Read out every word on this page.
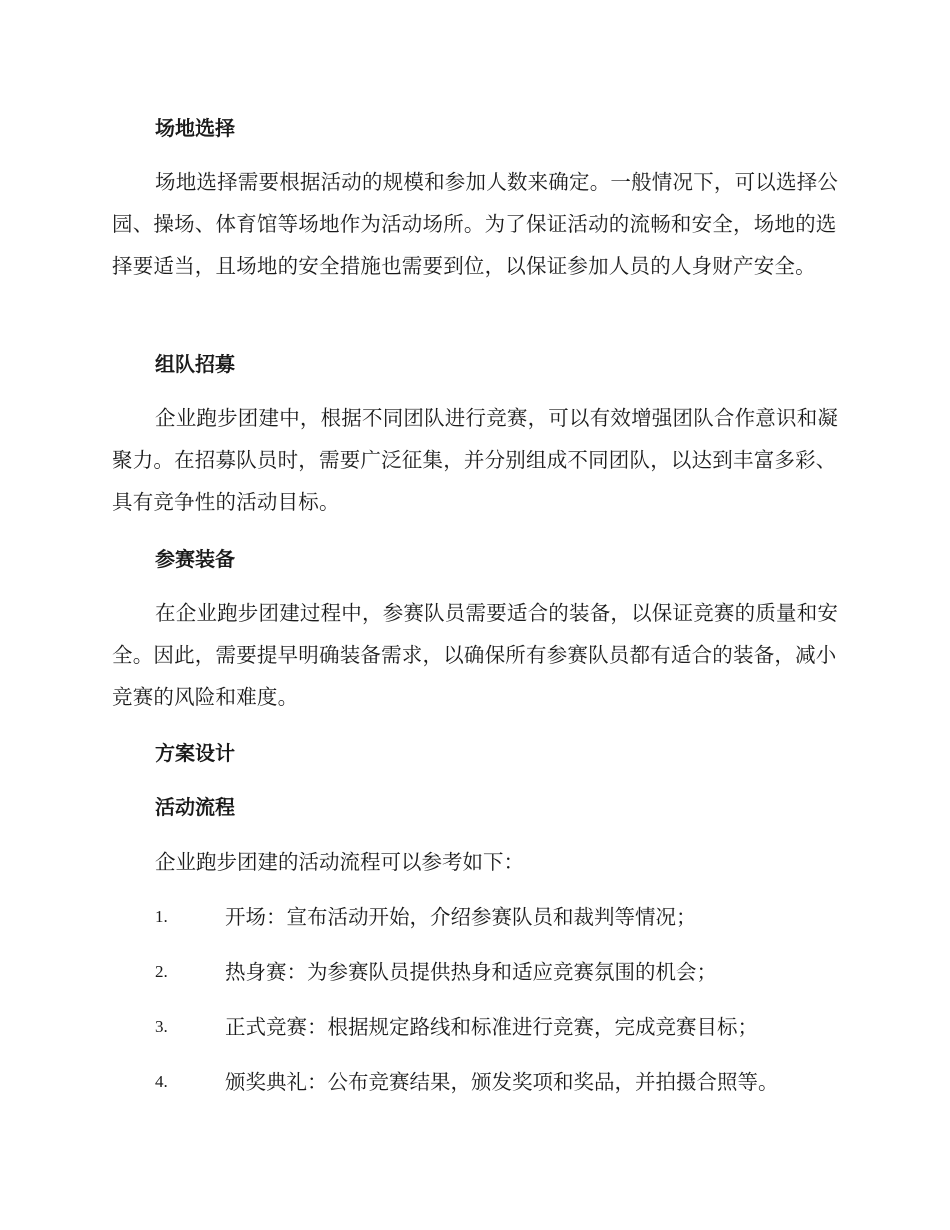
场地选择
场地选择需要根据活动的规模和参加人数来确定。一般情况下，可以选择公园、操场、体育馆等场地作为活动场所。为了保证活动的流畅和安全，场地的选择要适当，且场地的安全措施也需要到位，以保证参加人员的人身财产安全。
组队招募
企业跑步团建中，根据不同团队进行竞赛，可以有效增强团队合作意识和凝聚力。在招募队员时，需要广泛征集，并分别组成不同团队，以达到丰富多彩、具有竞争性的活动目标。
参赛装备
在企业跑步团建过程中，参赛队员需要适合的装备，以保证竞赛的质量和安全。因此，需要提早明确装备需求，以确保所有参赛队员都有适合的装备，减小竞赛的风险和难度。
方案设计
活动流程
企业跑步团建的活动流程可以参考如下：
1.	开场：宣布活动开始，介绍参赛队员和裁判等情况；
2.	热身赛：为参赛队员提供热身和适应竞赛氛围的机会；
3.	正式竞赛：根据规定路线和标准进行竞赛，完成竞赛目标；
4.	颁奖典礼：公布竞赛结果，颁发奖项和奖品，并拍摄合照等。
